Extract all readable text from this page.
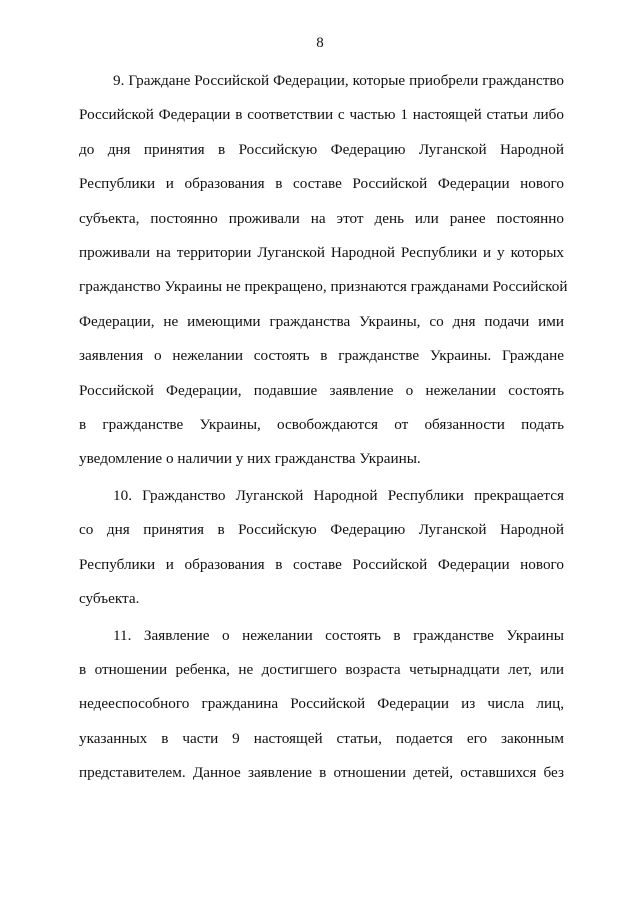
8

9. Граждане Российской Федерации, которые приобрели гражданство
Российской Федерации в соответствии с частью 1 настоящей статьи либо
до дня принятия в Российскую Федерацию Луганской Народной
Республики и образования в составе Российской Федерации нового
субъекта, постоянно проживали на этот день или ранее постоянно
проживали на территории Луганской Народной Республики и у которых
гражданство Украины не прекращено, признаются гражданами Российской
Федерации, не имеющими гражданства Украины, со дня подачи ими
заявления о нежелании состоять в гражданстве Украины. Граждане
Российской Федерации, подавшие заявление о нежелании состоять
в гражданстве Украины, освобождаются от обязанности подать
уведомление о наличии у них гражданства Украины.

10. Гражданство Луганской Народной Республики прекращается
со дня принятия в Российскую Федерацию Луганской Народной
Республики и образования в составе Российской Федерации нового
субъекта.

11. Заявление о нежелании состоять в гражданстве Украины
в отношении ребенка, не достигшего возраста четырнадцати лет, или
недееспособного гражданина Российской Федерации из числа лиц,
указанных в части 9 настоящей статьи, подается его законным
представителем. Данное заявление в отношении детей, оставшихся без
